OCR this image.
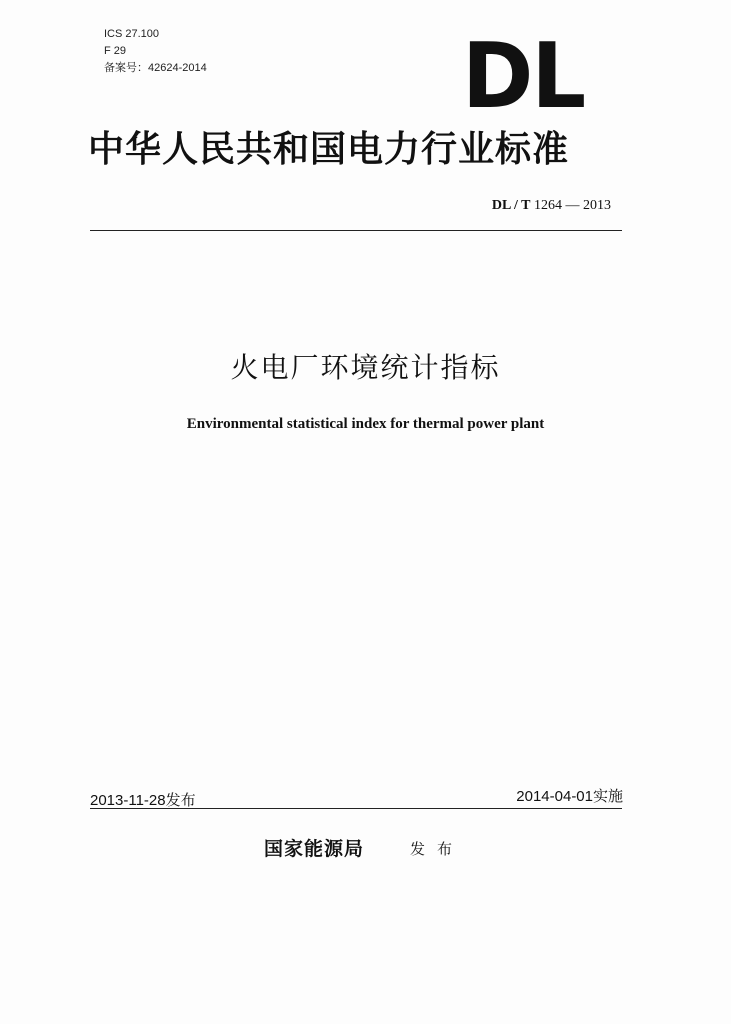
ICS 27.100
F 29
备案号：42624-2014	DL
中华人民共和国电力行业标准
DL / T 1264 — 2013
火电厂环境统计指标
Environmental statistical index for thermal power plant
2013-11-28发布	2014-04-01实施
国家能源局	发布
